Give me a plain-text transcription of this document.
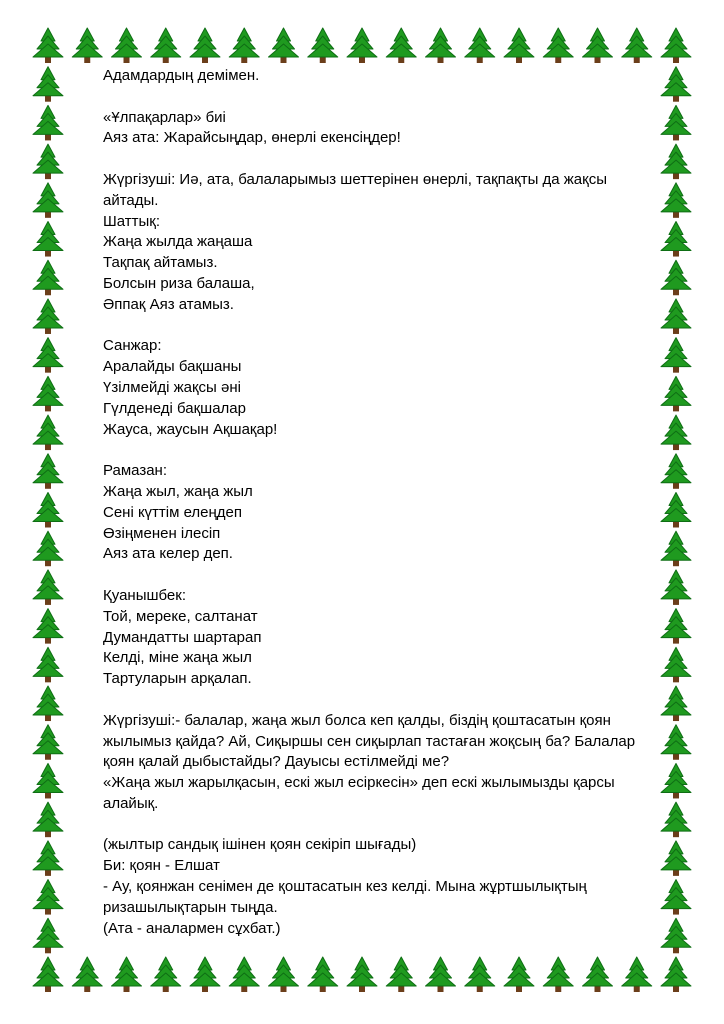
Адамдардың демімен.
«Ұлпақарлар» биі
Аяз ата: Жарайсыңдар, өнерлі екенсіңдер!
Жүргізуші: Иә, ата, балаларымыз шеттерінен өнерлі, тақпақты да жақсы
айтады.
Шаттық:
Жаңа жылда жаңаша
Тақпақ айтамыз.
Болсын риза балаша,
Әппақ Аяз атамыз.
Санжар:
Аралайды бақшаны
Үзілмейді жақсы әні
Гүлденеді бақшалар
Жауса, жаусын Ақшақар!
Рамазан:
Жаңа жыл, жаңа жыл
Сені күттім елеңдеп
Өзіңменен ілесіп
Аяз ата келер деп.
Қуанышбек:
Той, мереке, салтанат
Думандатты шартарап
Келді, міне жаңа жыл
Тартуларын арқалап.
Жүргізуші:- балалар, жаңа жыл болса кеп қалды, біздің қоштасатын қоян
жылымыз қайда? Ай, Сиқыршы сен сиқырлап тастаған жоқсың ба? Балалар
қоян қалай дыбыстайды? Дауысы естілмейді ме?
«Жаңа жыл жарылқасын, ескі жыл есіркесін» деп ескі жылымызды қарсы
алайық.
(жылтыр сандық ішінен қоян секіріп шығады)
Би: қоян - Елшат
- Ау, қоянжан сенімен де қоштасатын кез келді. Мына жұртшылықтың
ризашылықтарын тыңда.
(Ата - аналармен сұхбат.)
